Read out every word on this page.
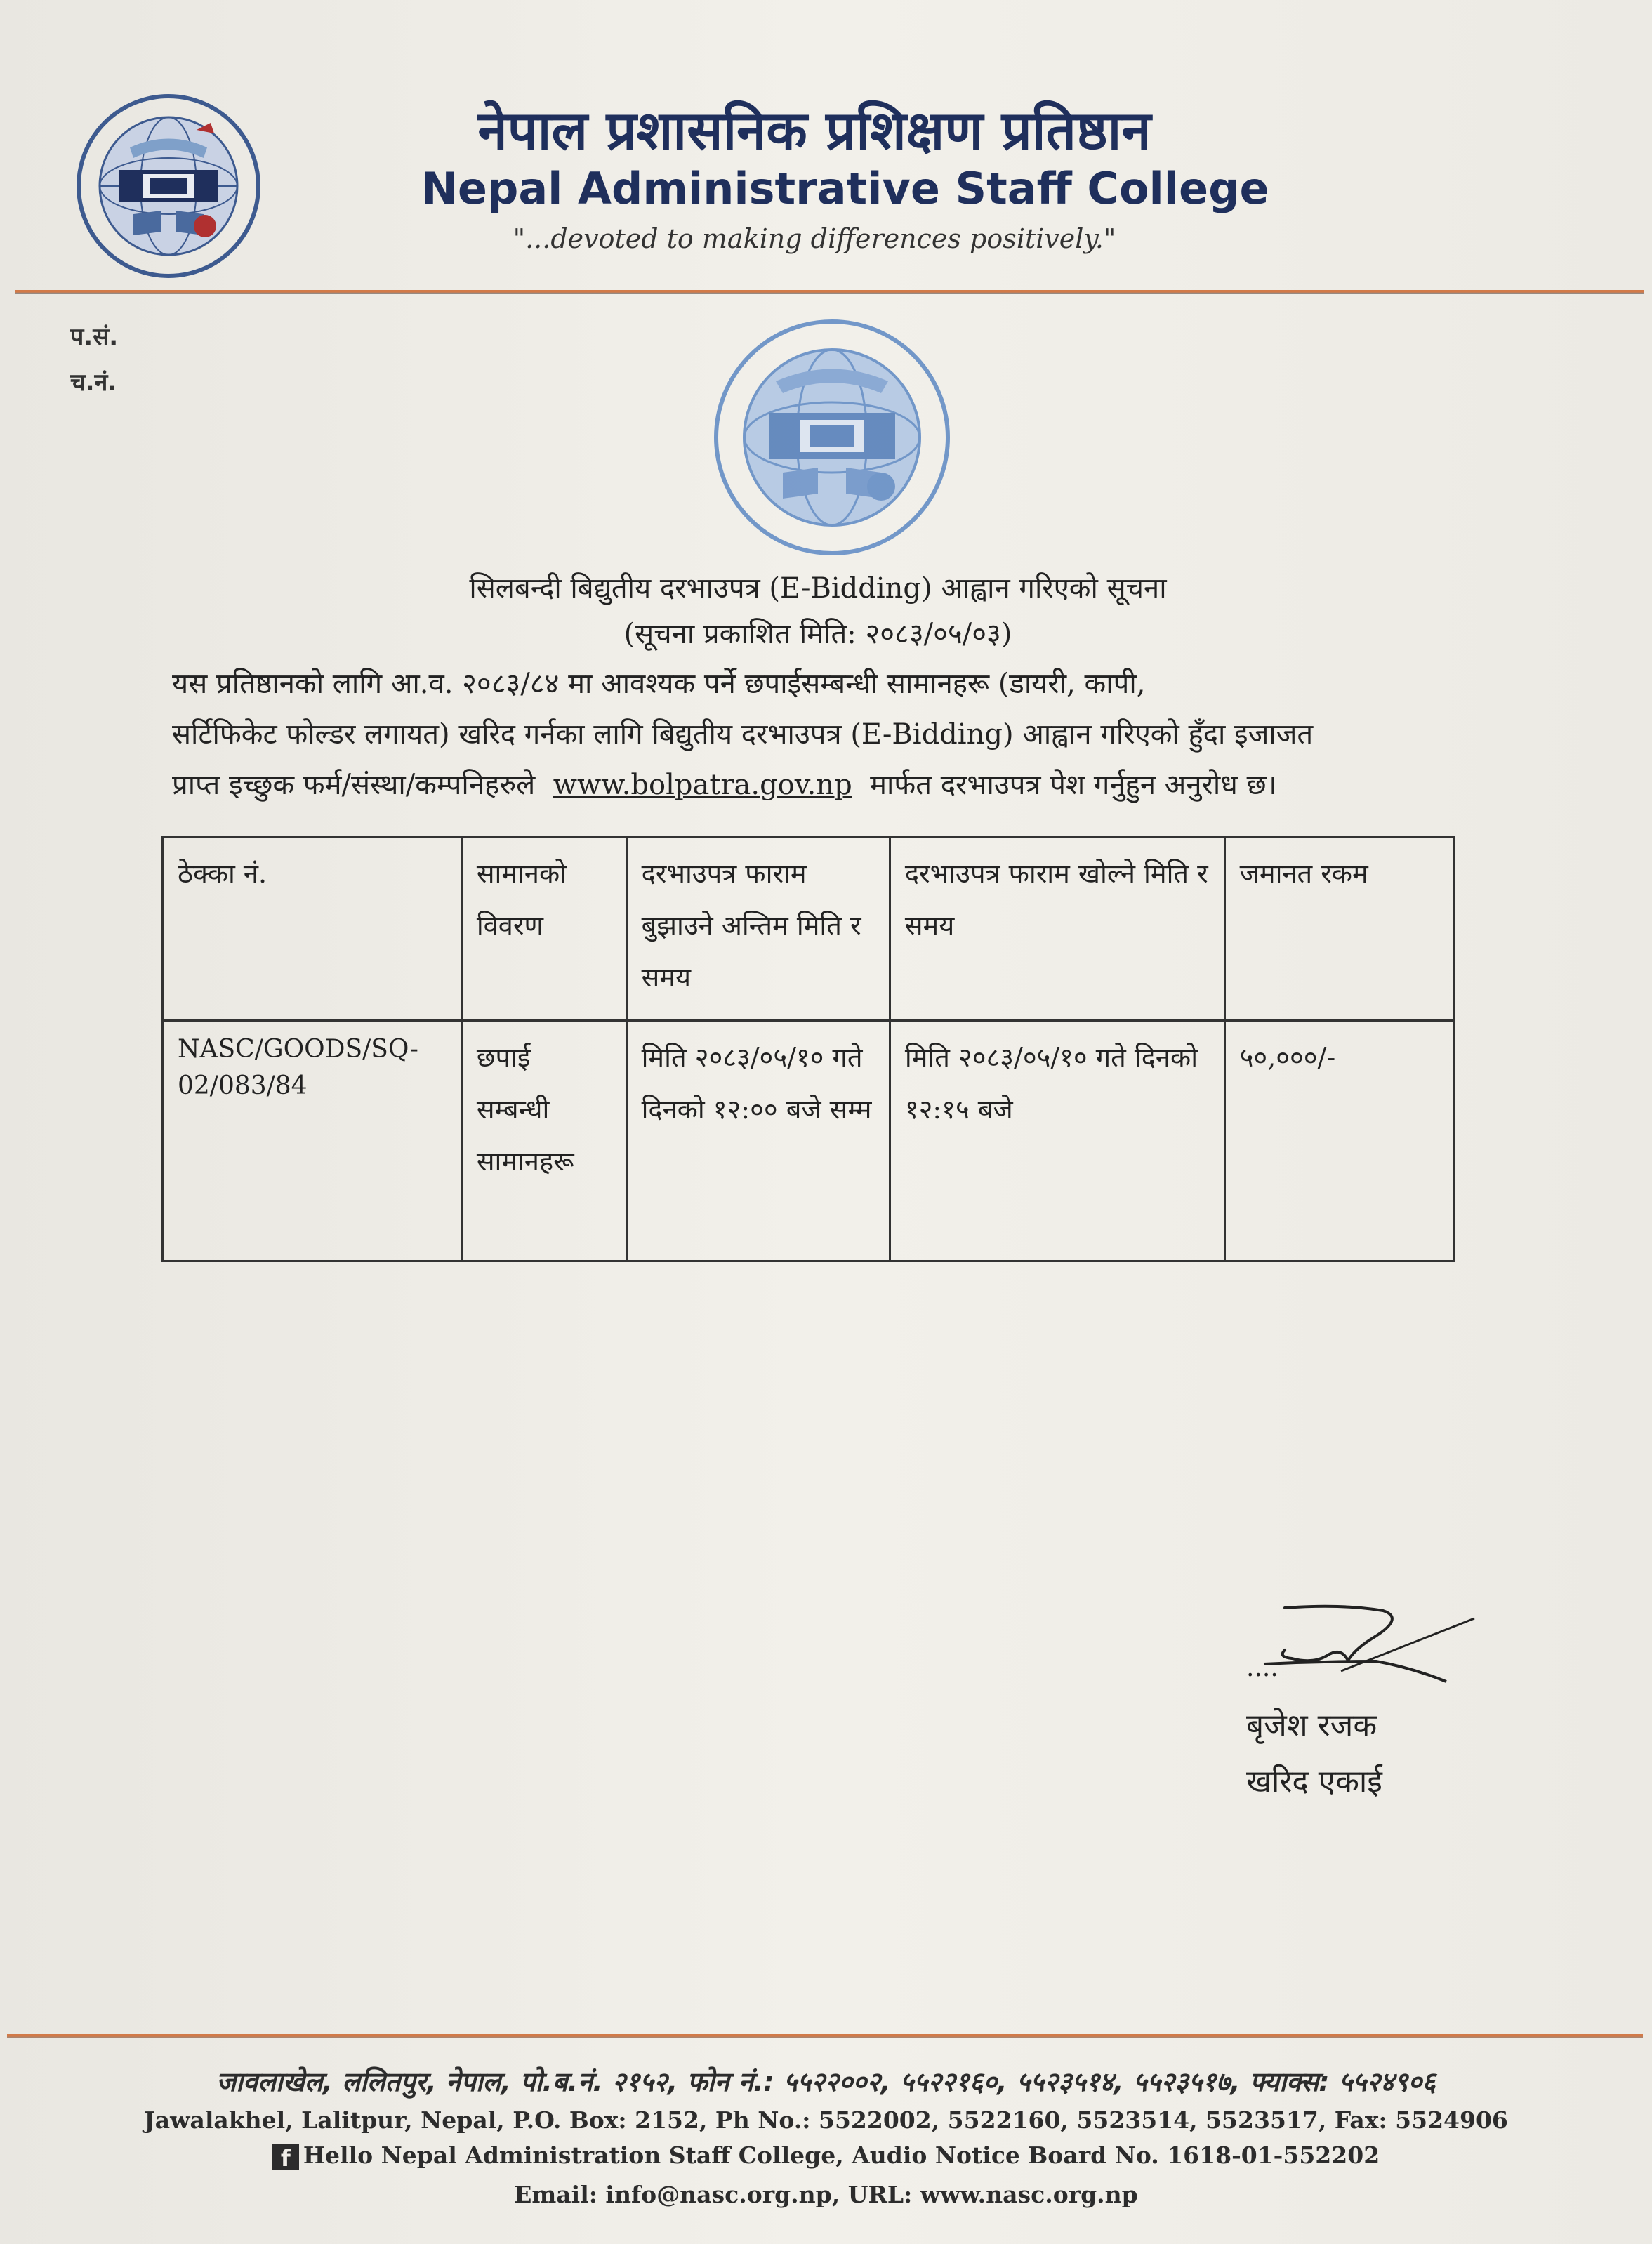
नेपाल प्रशासनिक प्रशिक्षण प्रतिष्ठान
Nepal Administrative Staff College
"...devoted to making differences positively."
प.सं.
च.नं.
सिलबन्दी बिद्युतीय दरभाउपत्र (E-Bidding) आह्वान गरिएको सूचना
(सूचना प्रकाशित मिति: २०८३/०५/०३)
यस प्रतिष्ठानको लागि आ.व. २०८३/८४ मा आवश्यक पर्ने छपाईसम्बन्धी सामानहरू (डायरी, कापी,
सर्टिफिकेट फोल्डर लगायत) खरिद गर्नका लागि बिद्युतीय दरभाउपत्र (E-Bidding) आह्वान गरिएको हुँदा इजाजत
प्राप्त इच्छुक फर्म/संस्था/कम्पनिहरुले www.bolpatra.gov.np मार्फत दरभाउपत्र पेश गर्नुहुन अनुरोध छ।
ठेक्का नं.	सामानको विवरण	दरभाउपत्र फाराम बुझाउने अन्तिम मिति र समय	दरभाउपत्र फाराम खोल्ने मिति र समय	जमानत रकम
NASC/GOODS/SQ-02/083/84	छपाई सम्बन्धी सामानहरू	मिति २०८३/०५/१० गते दिनको १२:०० बजे सम्म	मिति २०८३/०५/१० गते दिनको १२:१५ बजे	५०,०००/-
....
बृजेश रजक
खरिद एकाई
जावलाखेल, ललितपुर, नेपाल, पो.ब.नं. २१५२, फोन नं.: ५५२२००२, ५५२२१६०, ५५२३५१४, ५५२३५१७, फ्याक्स: ५५२४९०६
Jawalakhel, Lalitpur, Nepal, P.O. Box: 2152, Ph No.: 5522002, 5522160, 5523514, 5523517, Fax: 5524906
f Hello Nepal Administration Staff College, Audio Notice Board No. 1618-01-552202
Email: info@nasc.org.np, URL: www.nasc.org.np
